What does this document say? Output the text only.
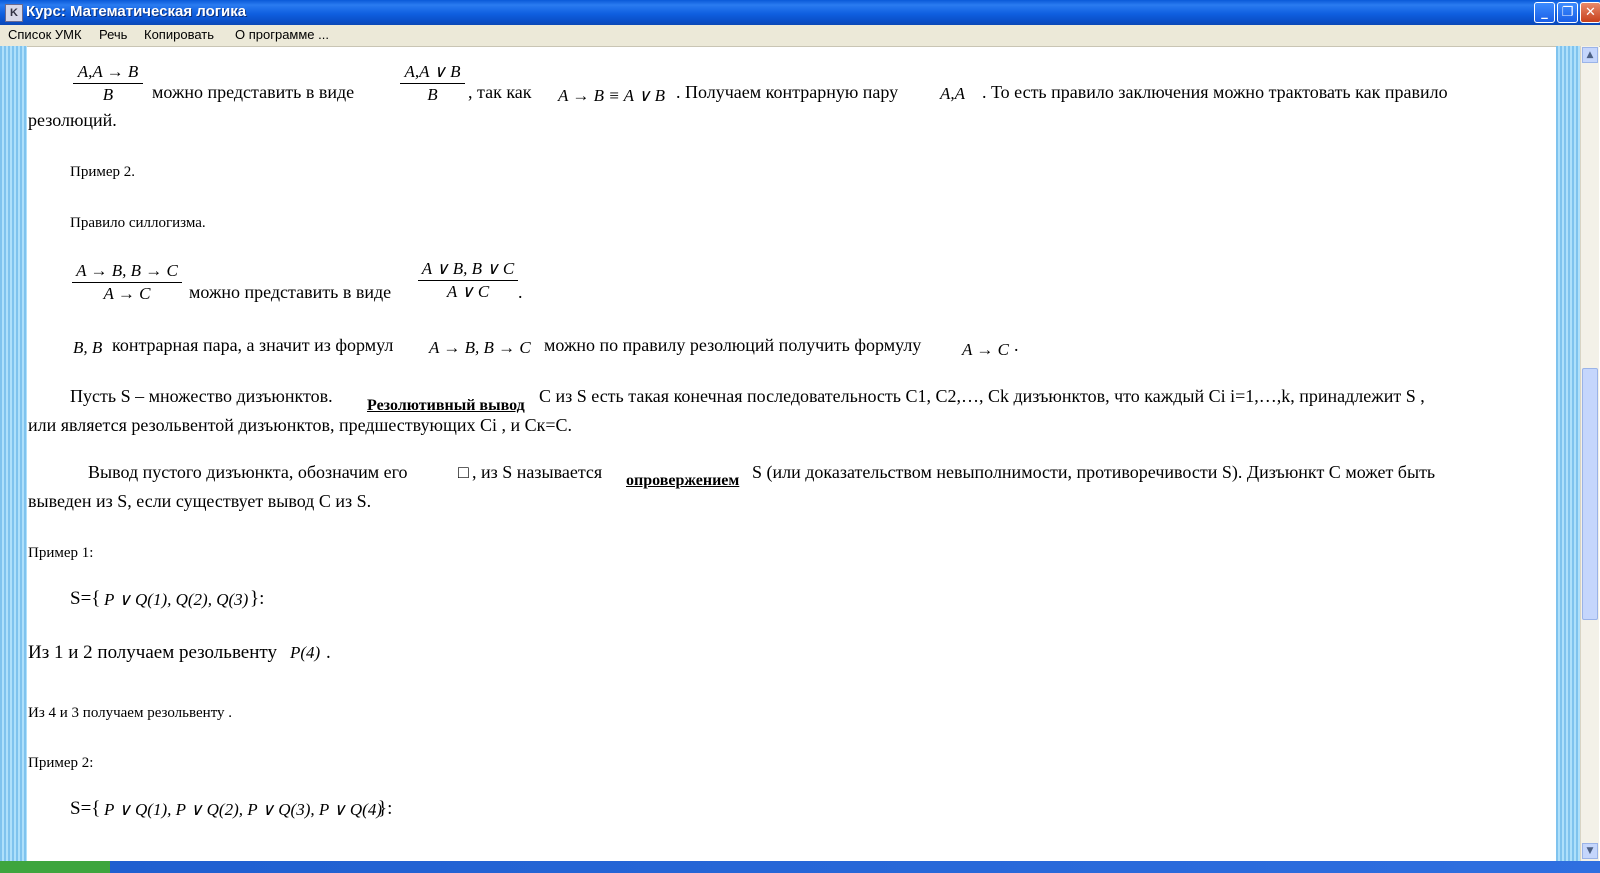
K Курс: Математическая логика	_	❐ ✕
Список УМК Речь Копировать О программе ...
▲
▼
A,A → B
B	можно представить в виде
A,A ∨ B
B	, так как A → B ≡ A ∨ B . Получаем контрарную пару A,A . То есть правило заключения можно трактовать как правило
резолюций.
Пример 2.
Правило силлогизма.
A → B, B → C
A → C	можно представить в виде
A ∨ B, B ∨ C
A ∨ C	.
B, B контрарная пара, а значит из формул A → B, B → C можно по правилу резолюций получить формулу A → C .
Пусть S – множество дизъюнктов. Резолютивный вывод C из S есть такая конечная последовательность С1, С2,…, Сk дизъюнктов, что каждый Ci i=1,…,k, принадлежит S ,
или является резольвентой дизъюнктов, предшествующих Ci , и Ск=С.
Вывод пустого дизъюнкта, обозначим его	□ , из S называется опровержением S (или доказательством невыполнимости, противоречивости S). Дизъюнкт С может быть
выведен из S, если существует вывод С из S.
Пример 1:
S={ P ∨ Q(1), Q(2), Q(3) }:
Из 1 и 2 получаем резольвенту P(4) .
Из 4 и 3 получаем резольвенту .
Пример 2:
S={ P ∨ Q(1), P ∨ Q(2), P ∨ Q(3), P ∨ Q(4)
}:
